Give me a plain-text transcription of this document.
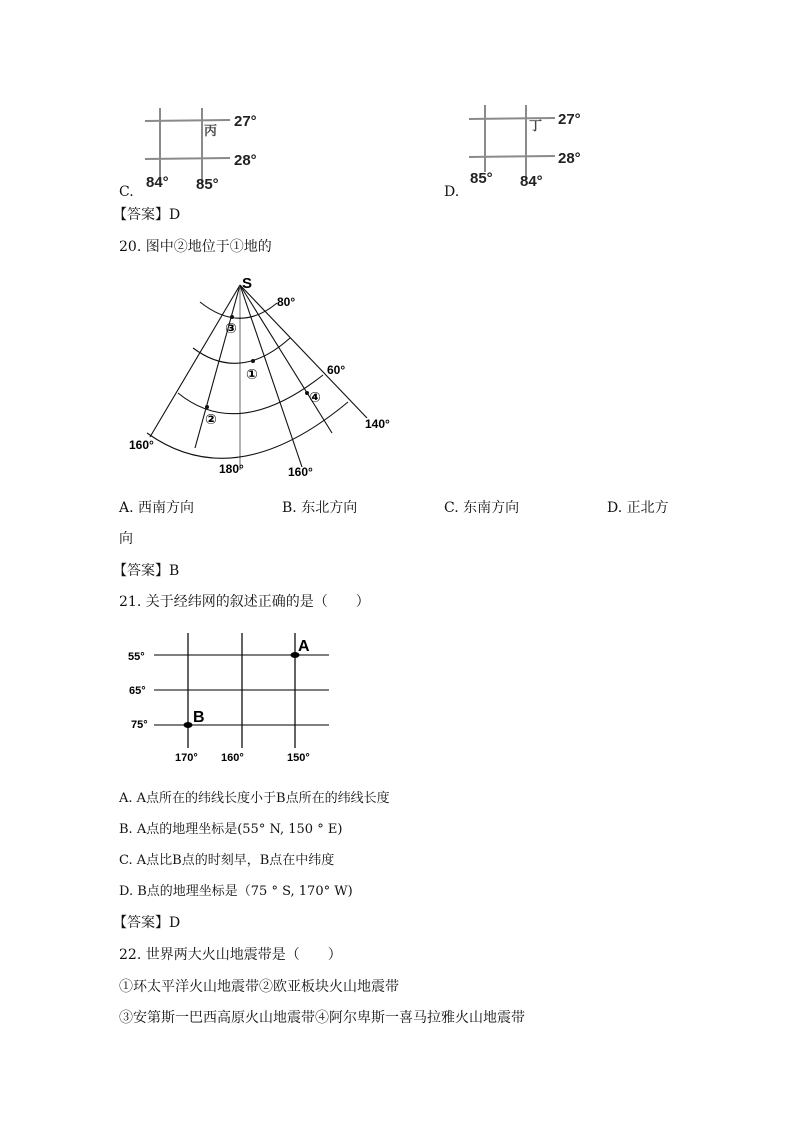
丙
27°
28°
84° 85°
丁 27°
28°
85° 84°
C.	D.
【答案】D
20. 图中②地位于①地的
S
80°
60°
140°
160°
180°	160°
③
①
④
②
A. 西南方向	B. 东北方向	C. 东南方向	D. 正北方
向
【答案】B
21. 关于经纬网的叙述正确的是（　　）
A
B
55°
65°
75°
170° 160°	150°
A. A点所在的纬线长度小于B点所在的纬线长度
B. A点的地理坐标是(55° N, 150 ° E)
C. A点比B点的时刻早，B点在中纬度
D. B点的地理坐标是（75 ° S, 170° W)
【答案】D
22. 世界两大火山地震带是（　　）
①环太平洋火山地震带②欧亚板块火山地震带
③安第斯一巴西高原火山地震带④阿尔卑斯一喜马拉雅火山地震带
